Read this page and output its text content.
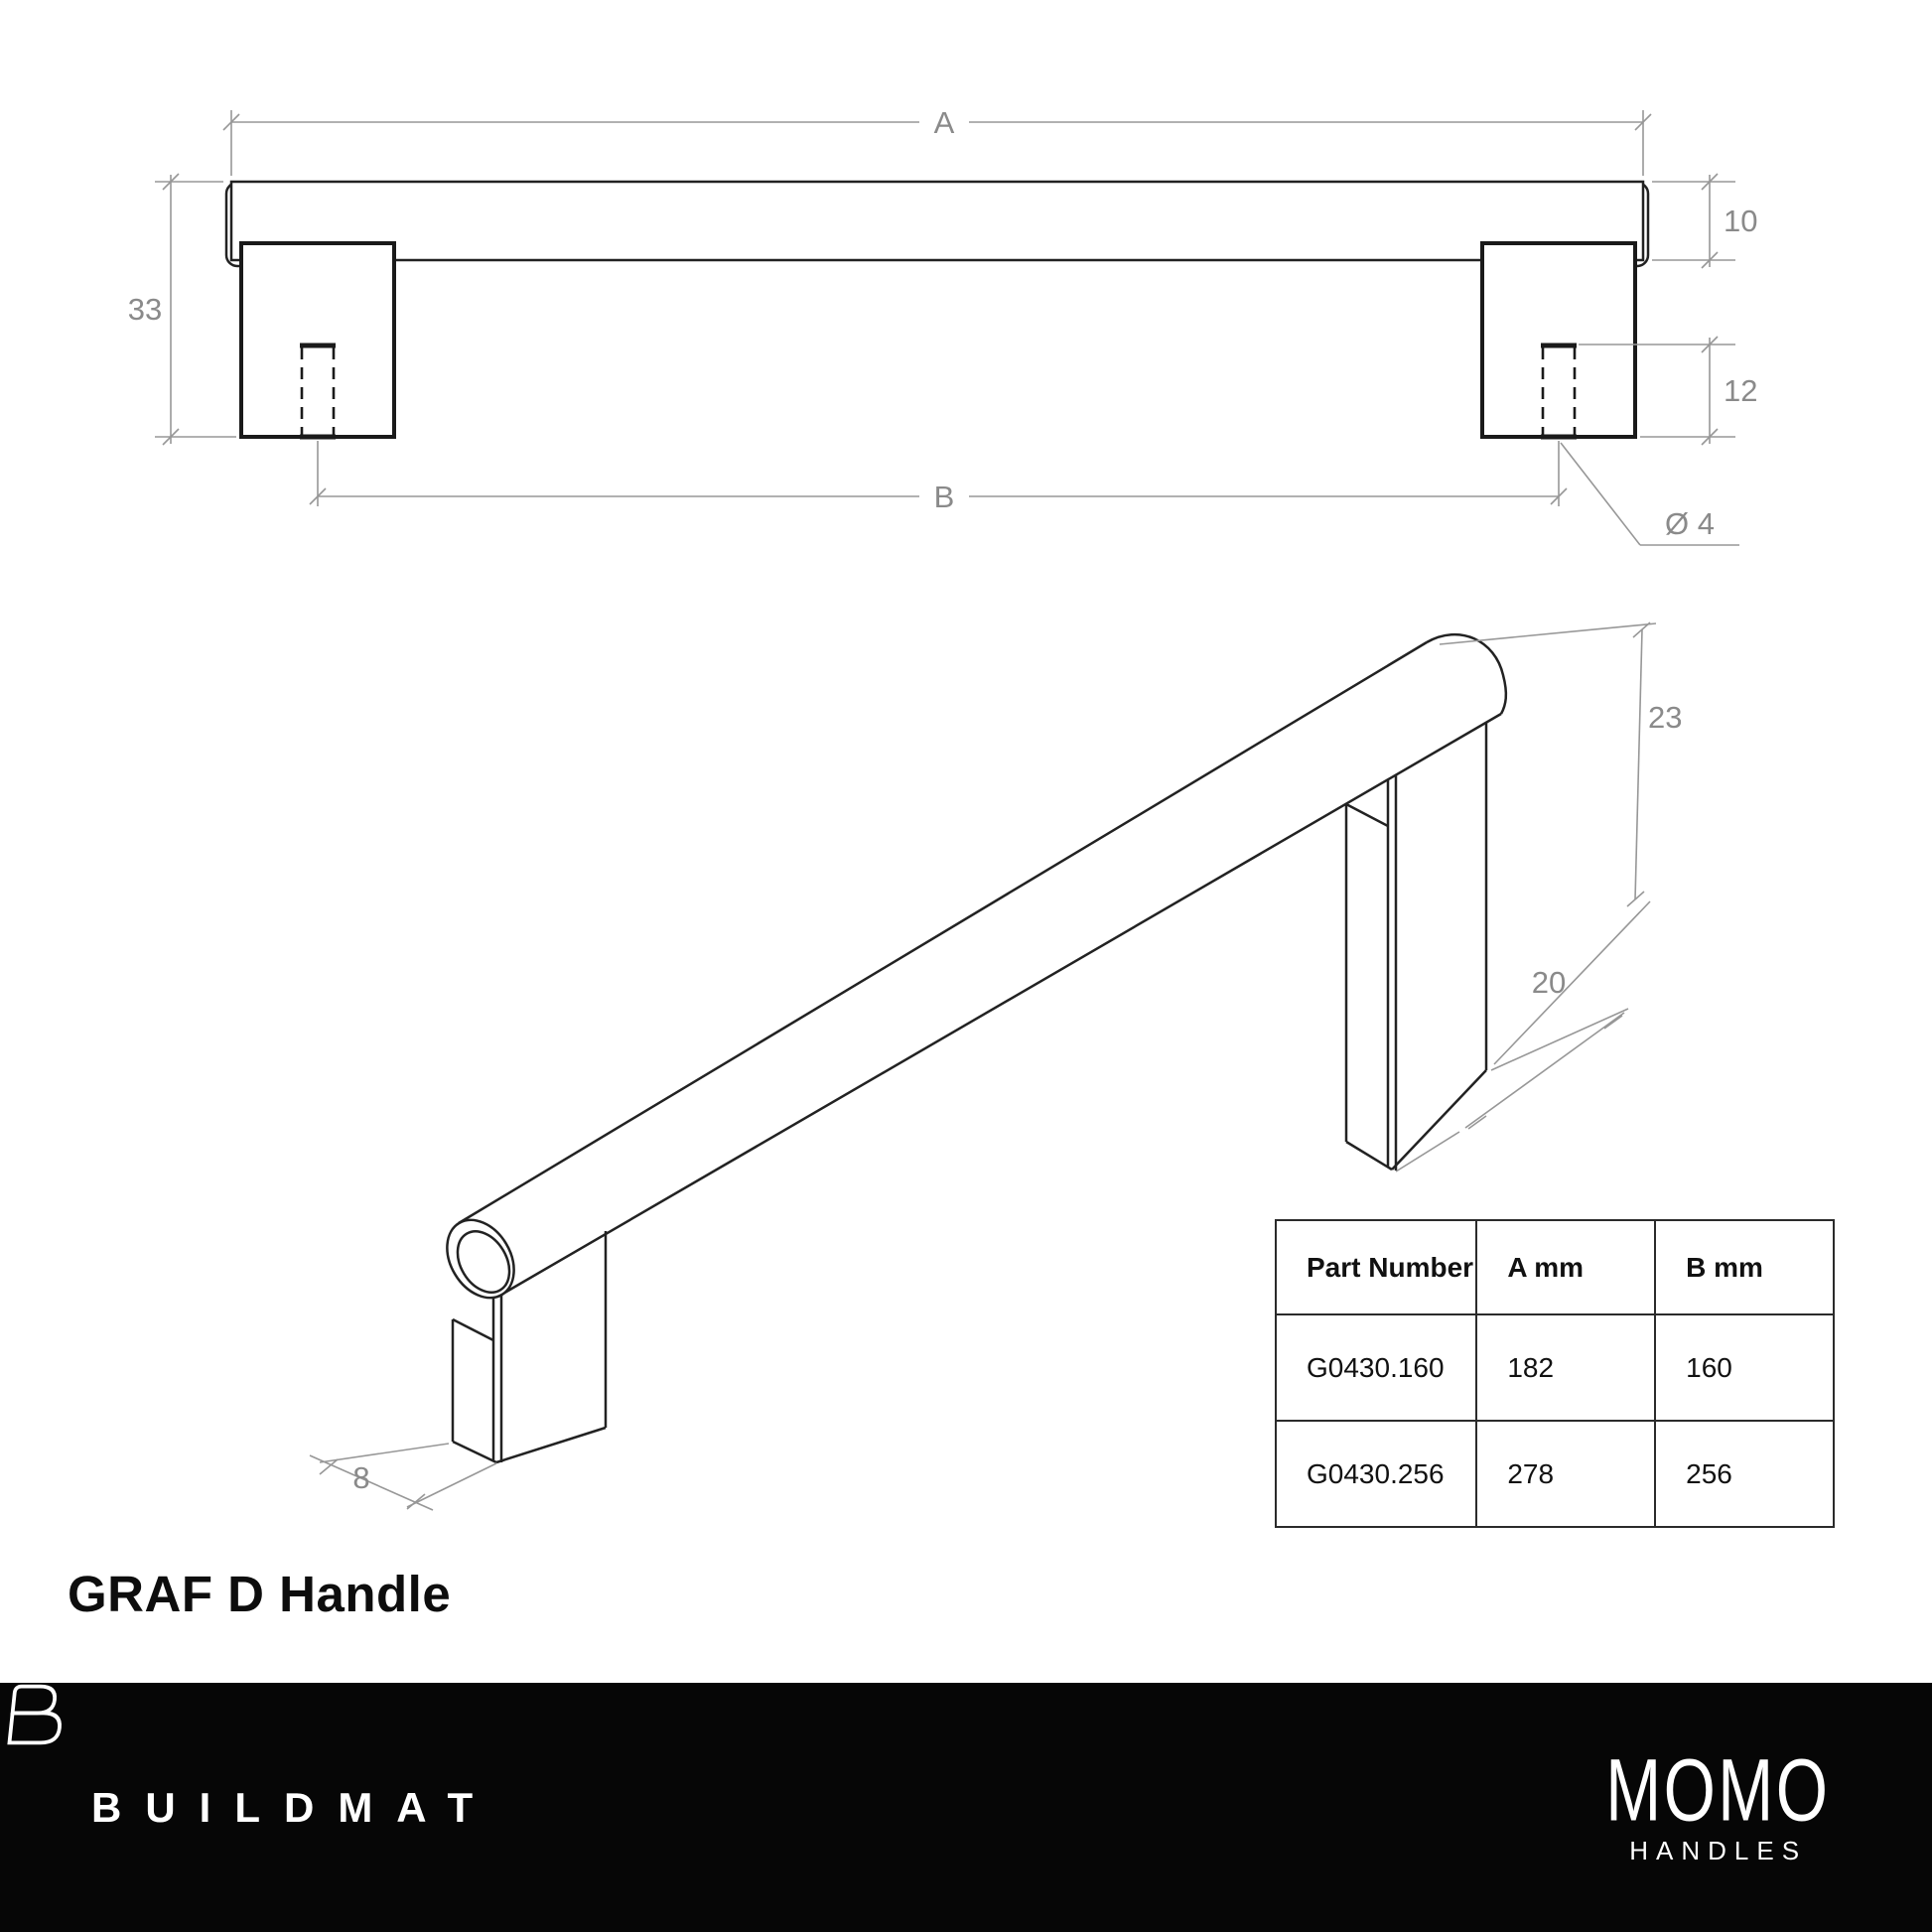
A
33
10
12
B
Ø 4
23
20
8
Part Number	A mm	B mm
G0430.160	182	160
G0430.256	278	256
GRAF D Handle
BUILDMAT	MOMO
HANDLES
